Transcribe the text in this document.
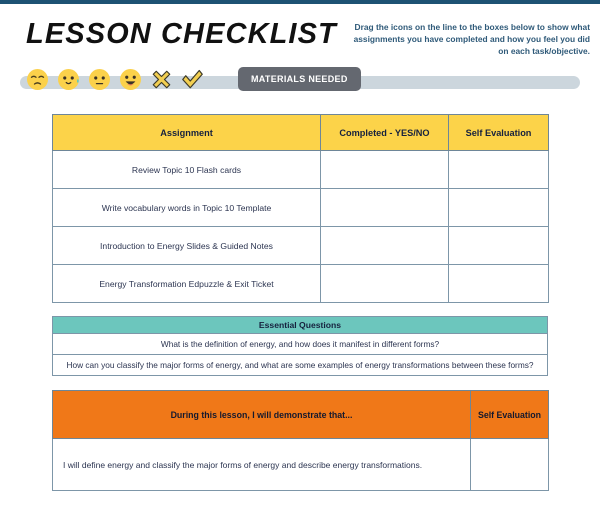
LESSON CHECKLIST	Drag the icons on the line to the boxes below to show what assignments you have completed and how you feel you did on each task/objective.
MATERIALS NEEDED
Assignment	Completed - YES/NO	Self Evaluation
Review Topic 10 Flash cards		
Write vocabulary words in Topic 10 Template		
Introduction to Energy Slides & Guided Notes		
Energy Transformation Edpuzzle & Exit Ticket		
Essential Questions
What is the definition of energy, and how does it manifest in different forms?
How can you classify the major forms of energy, and what are some examples of energy transformations between these forms?
During this lesson, I will demonstrate that...	Self Evaluation
I will define energy and classify the major forms of energy and describe energy transformations.	
